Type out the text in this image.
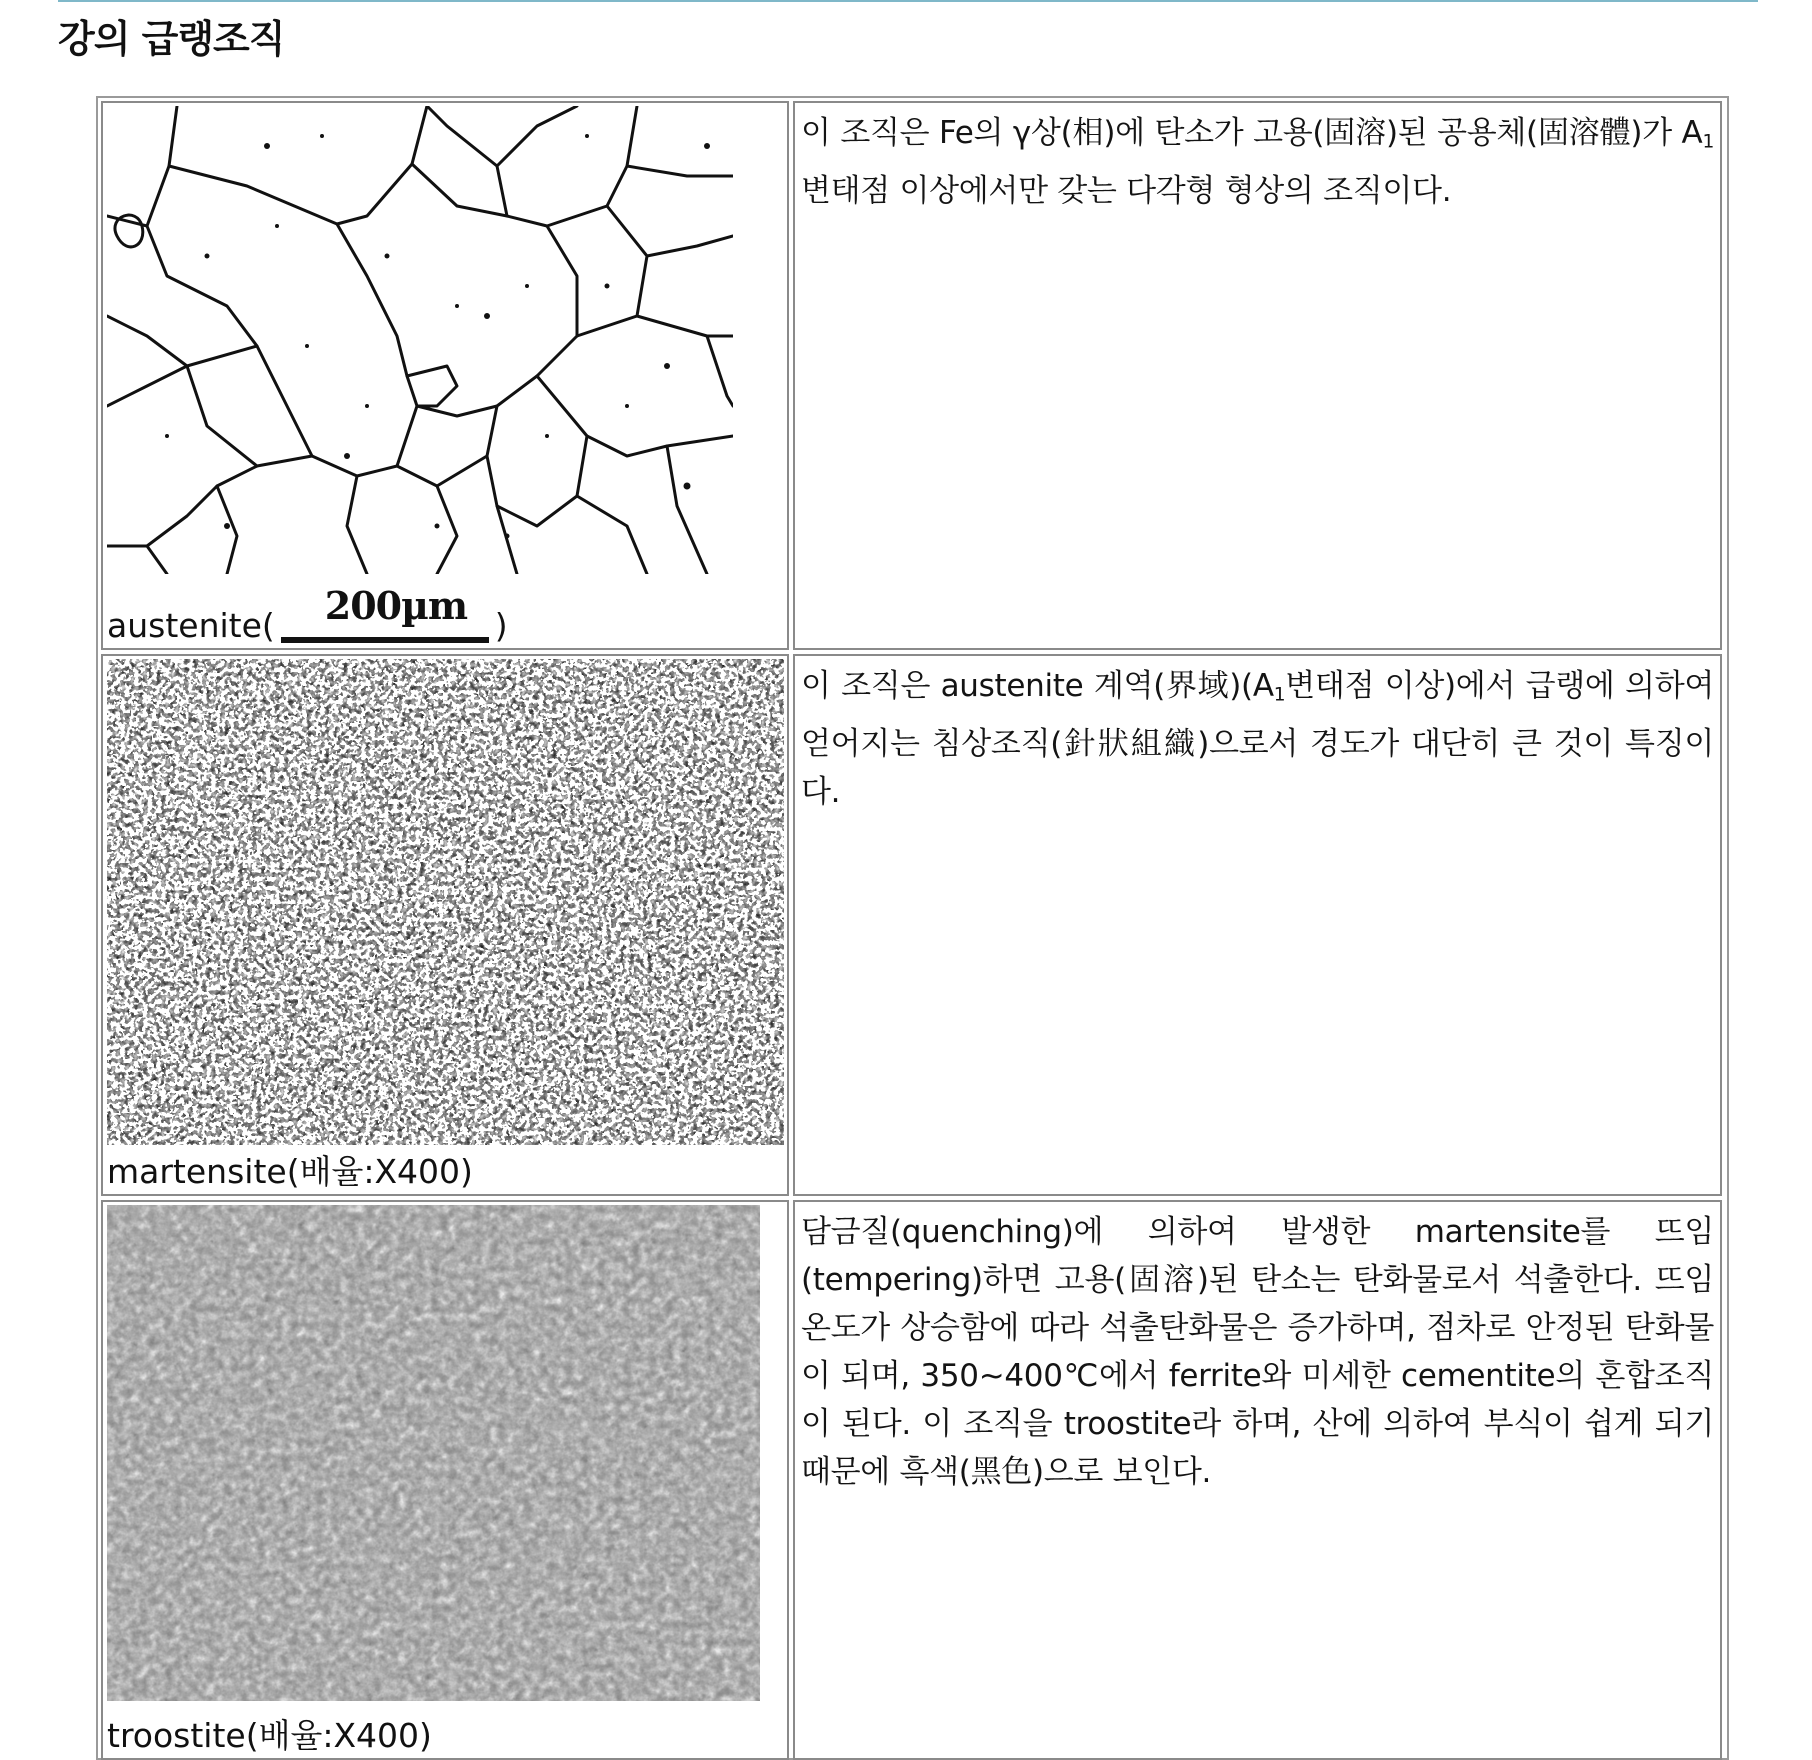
강의 급랭조직
austenite( 200µm )

이 조직은 Fe의 γ상(相)에 탄소가 고용(固溶)된 공용체(固溶體)가 $A_1$변태점 이상에서만 갖는 다각형 형상의 조직이다.

martensite(배율:X400)

이 조직은 austenite 계역(界域)($A_1$변태점 이상)에서 급랭에 의하여 얻어지는 침상조직(針狀組織)으로서 경도가 대단히 큰 것이 특징이다.

troostite(배율:X400)

담금질(quenching)에 의하여 발생한 martensite를 뜨임(tempering)하면 고용(固溶)된 탄소는 탄화물로서 석출한다. 뜨임온도가 상승함에 따라 석출탄화물은 증가하며, 점차로 안정된 탄화물이 되며, 350~400℃에서 ferrite와 미세한 cementite의 혼합조직이 된다. 이 조직을 troostite라 하며, 산에 의하여 부식이 쉽게 되기 때문에 흑색(黑色)으로 보인다.
